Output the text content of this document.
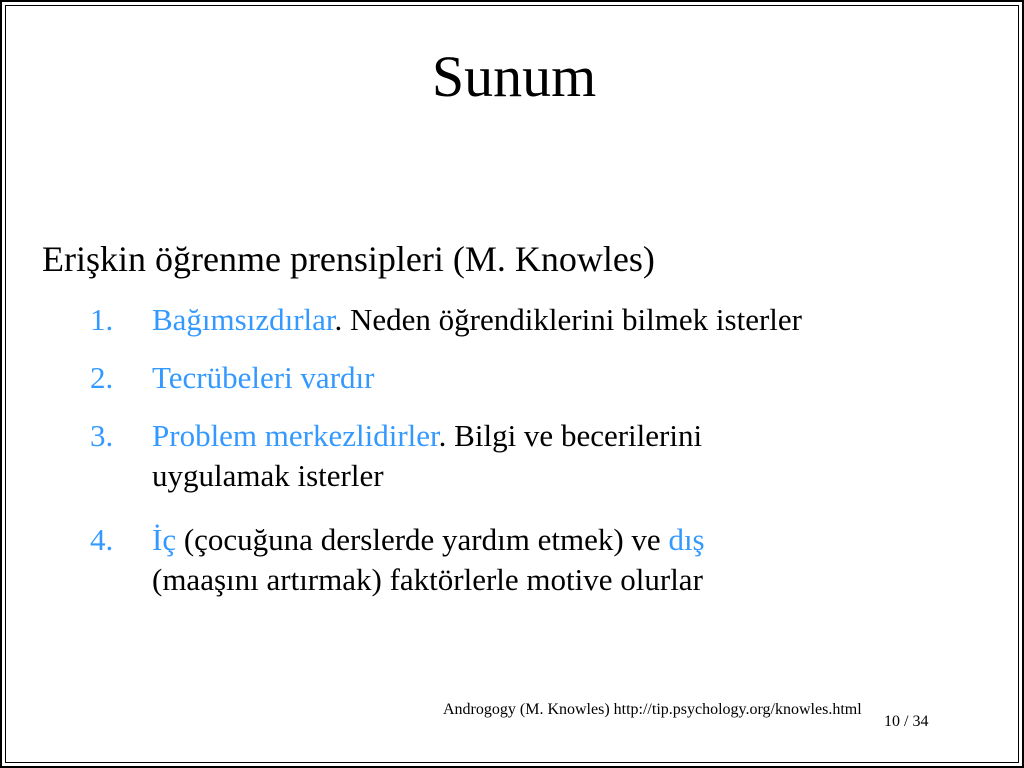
Sunum
Erişkin öğrenme prensipleri (M. Knowles)
1.	Bağımsızdırlar. Neden öğrendiklerini bilmek isterler
2.	Tecrübeleri vardır
3.	Problem merkezlidirler. Bilgi ve becerilerini
uygulamak isterler
4.	İç (çocuğuna derslerde yardım etmek) ve dış
(maaşını artırmak) faktörlerle motive olurlar
Androgogy (M. Knowles) http://tip.psychology.org/knowles.html
10 / 34
